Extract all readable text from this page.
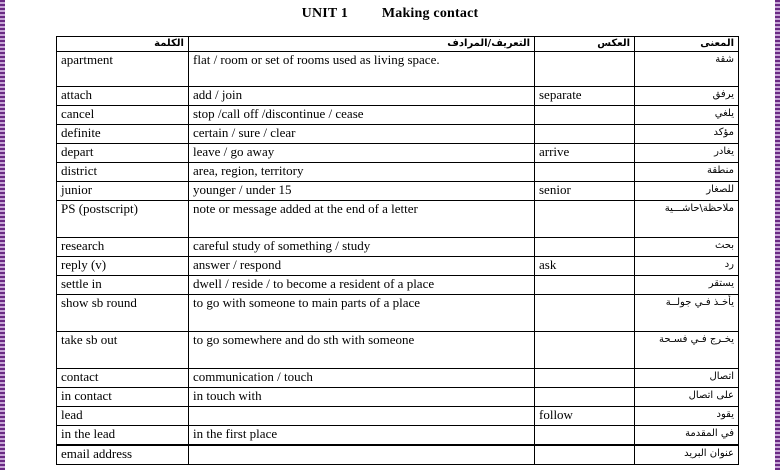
UNIT 1 Making contact
الكلمة	التعريف/المرادف	العكس	المعنى
apartment	flat / room or set of rooms used as living space.		شقة
attach	add / join	separate	يرفق
cancel	stop /call off /discontinue / cease		يلغي
definite	certain / sure / clear		مؤكد
depart	leave / go away	arrive	يغادر
district	area, region, territory		منطقة
junior	younger / under 15	senior	للصغار
PS (postscript)	note or message added at the end of a letter		ملاحظة\حاشـــية
research	careful study of something / study		بحث
reply (v)	answer / respond	ask	رد
settle in	dwell / reside / to become a resident of a place		يستقر
show sb round	to go with someone to main parts of a place		يأخـذ فـي جولــة
take sb out	to go somewhere and do sth with someone		يخـرج فـي فسـحة
contact	communication / touch		اتصال
in contact	in touch with		على اتصال
lead		follow	يقود
in the lead	in the first place		في المقدمة
email address			عنوان البريد
